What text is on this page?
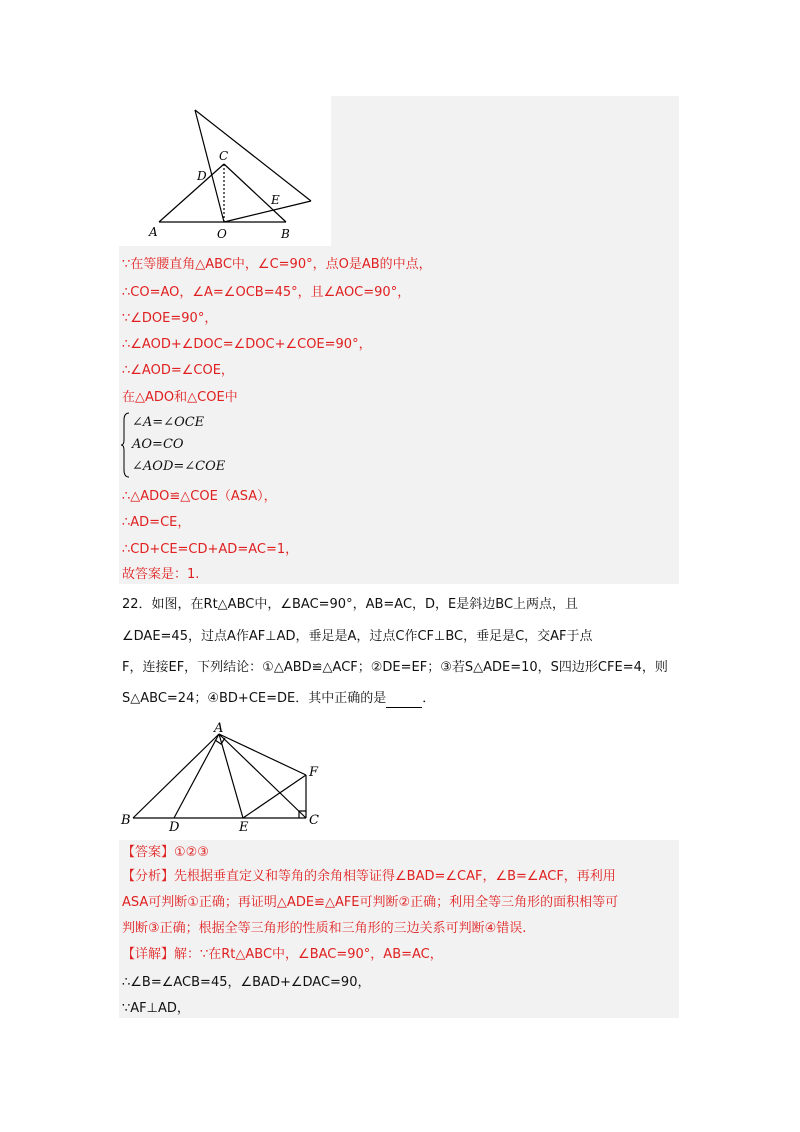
A	O	B
C
D
E
∵在等腰直角△ABC中，∠C=90°，点O是AB的中点，
∴CO=AO，∠A=∠OCB=45°，且∠AOC=90°，
∵∠DOE=90°，
∴∠AOD+∠DOC=∠DOC+∠COE=90°，
∴∠AOD=∠COE，
在△ADO和△COE中
∠A=∠OCE
AO=CO
∠AOD=∠COE
∴△ADO≌△COE（ASA），
∴AD=CE，
∴CD+CE=CD+AD=AC=1，
故答案是：1.
22．如图，在Rt△ABC中，∠BAC=90°，AB=AC，D，E是斜边BC上两点，且
∠DAE=45，过点A作AF⊥AD，垂足是A，过点C作CF⊥BC，垂足是C，交AF于点
F，连接EF，下列结论：①△ABD≌△ACF；②DE=EF；③若S△ADE=10，S四边形CFE=4，则
S△ABC=24；④BD+CE=DE．其中正确的是	．
A
B	C
D	E
F
【答案】①②③
【分析】先根据垂直定义和等角的余角相等证得∠BAD=∠CAF，∠B=∠ACF，再利用
ASA可判断①正确；再证明△ADE≌△AFE可判断②正确；利用全等三角形的面积相等可
判断③正确；根据全等三角形的性质和三角形的三边关系可判断④错误.
【详解】解：∵在Rt△ABC中，∠BAC=90°，AB=AC，
∴∠B=∠ACB=45，∠BAD+∠DAC=90，
∵AF⊥AD，
